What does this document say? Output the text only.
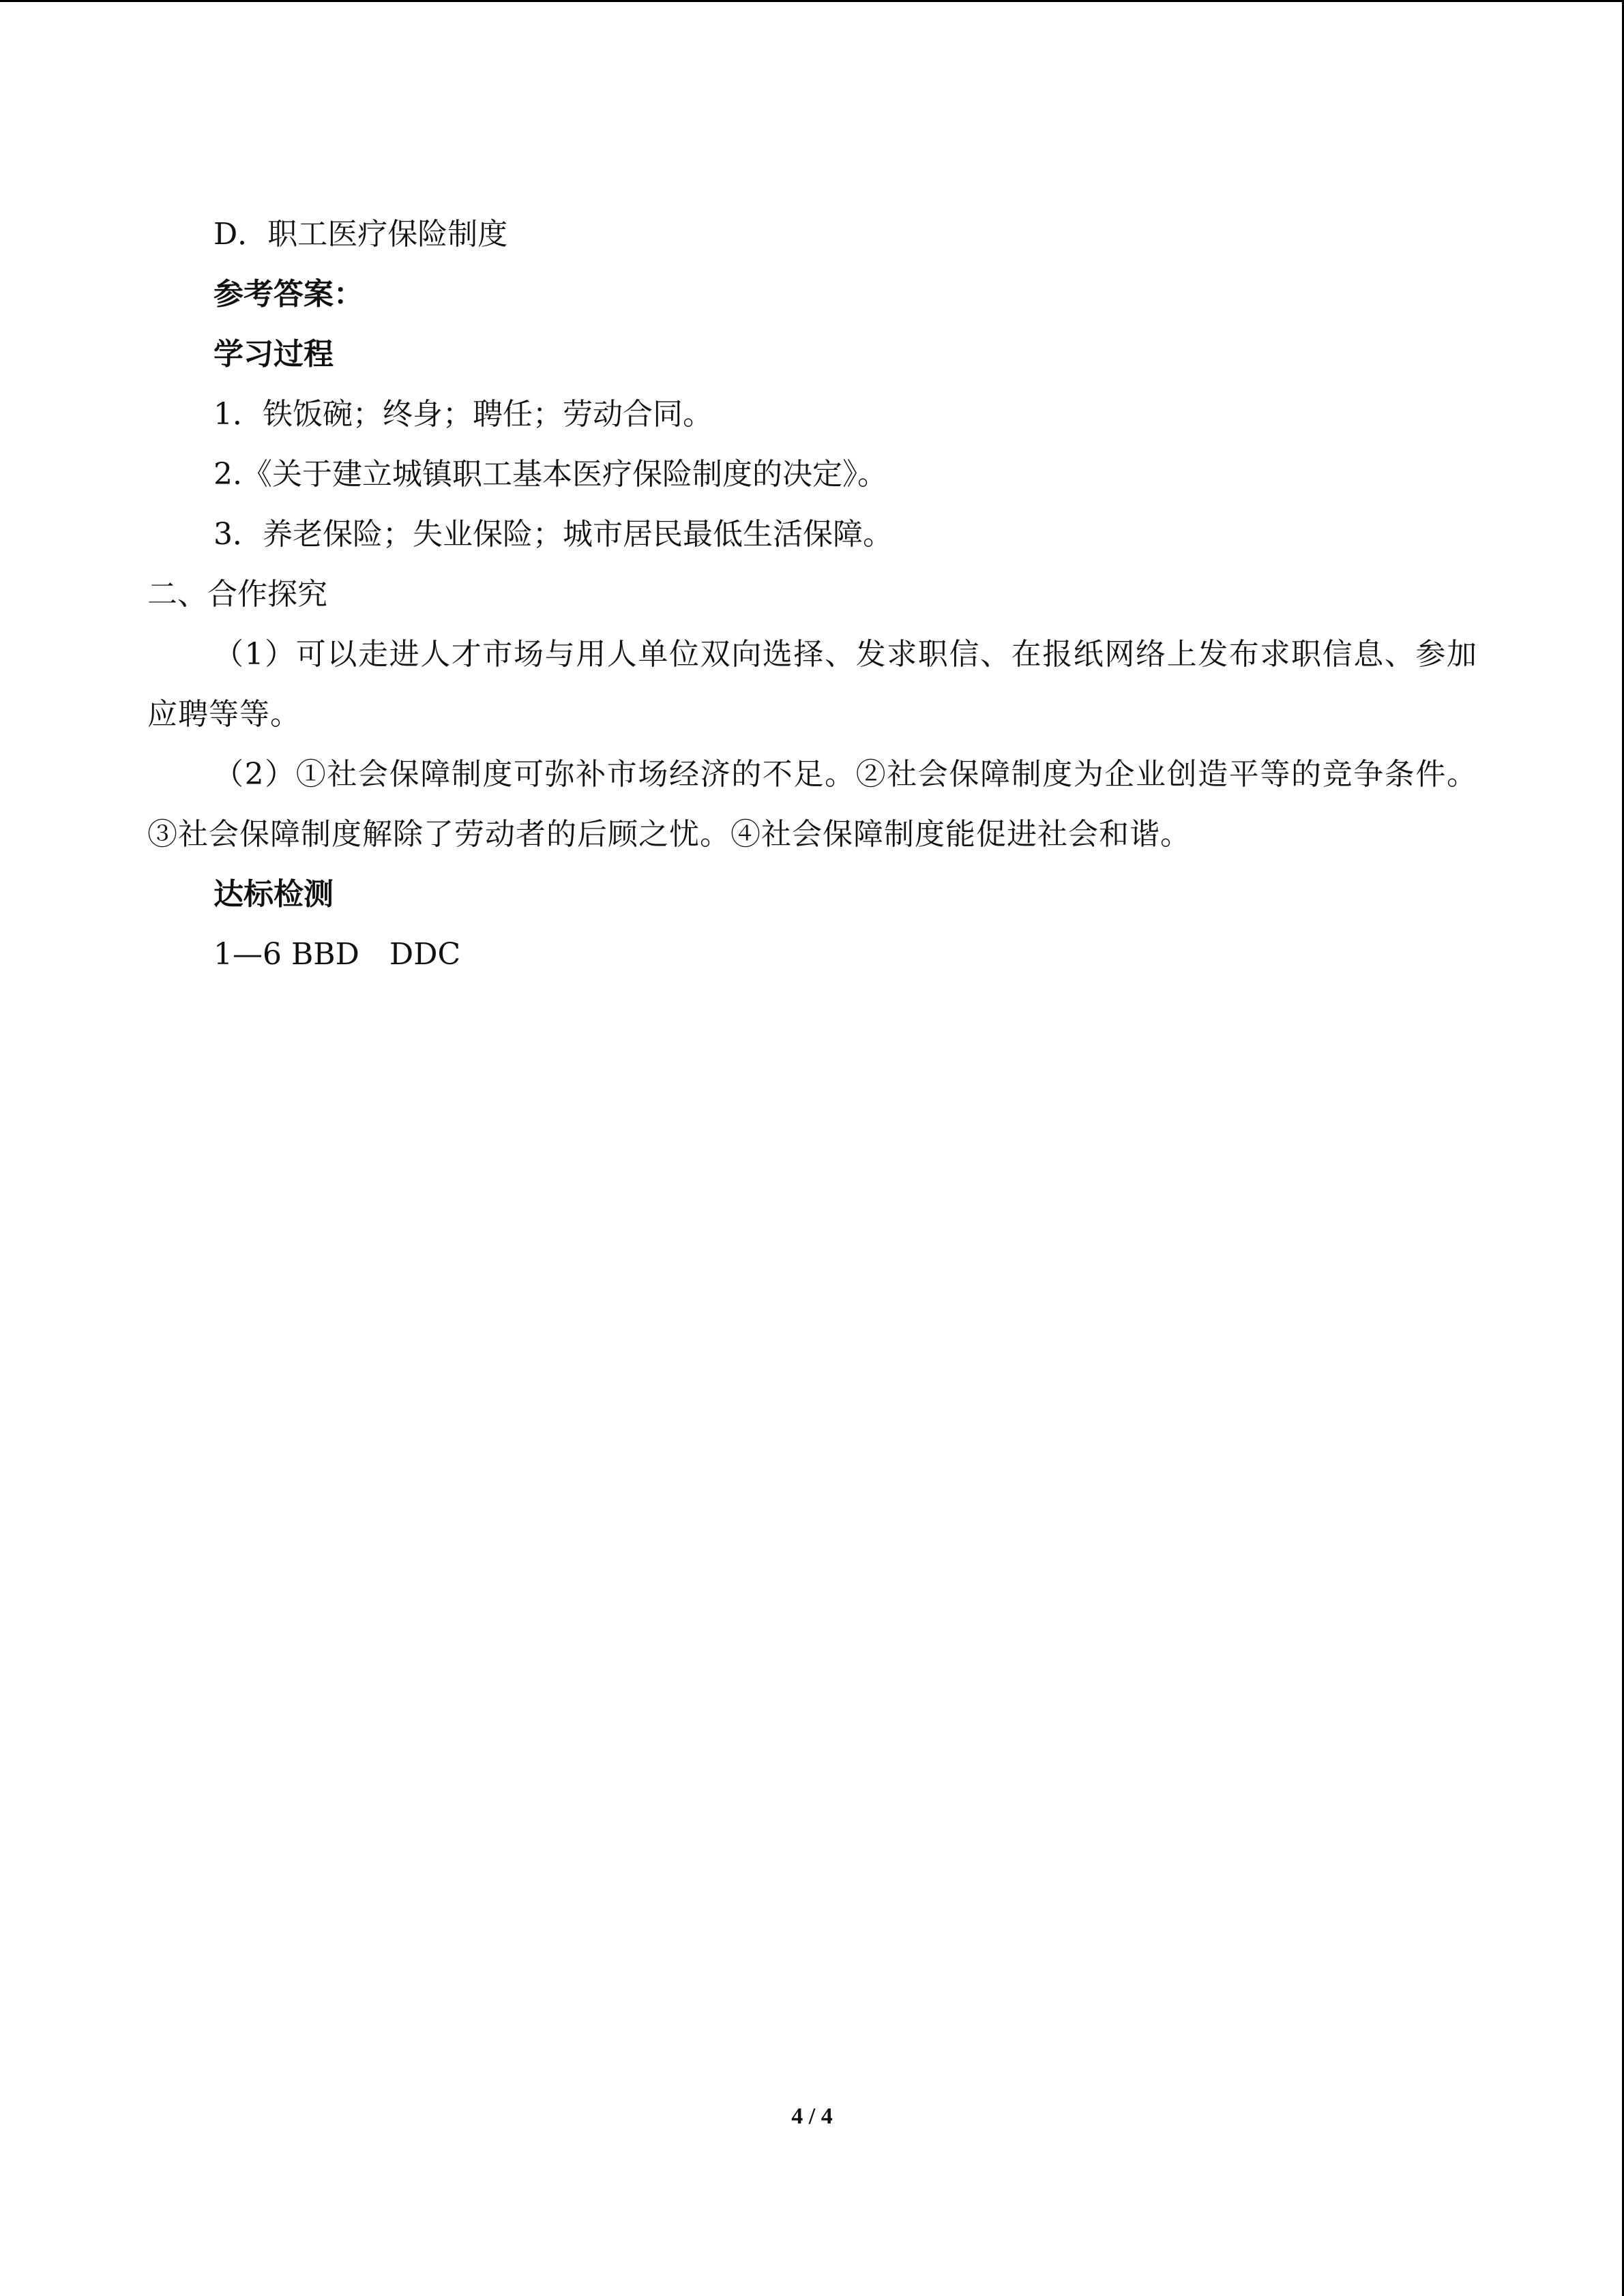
D．职工医疗保险制度
参考答案：
学习过程
1．铁饭碗；终身；聘任；劳动合同。
2.《关于建立城镇职工基本医疗保险制度的决定》。
3．养老保险；失业保险；城市居民最低生活保障。
二、合作探究

（1）可以走进人才市场与用人单位双向选择、发求职信、在报纸网络上发布求职信息、参加应聘等等。

（2）①社会保障制度可弥补市场经济的不足。②社会保障制度为企业创造平等的竞争条件。③社会保障制度解除了劳动者的后顾之忧。④社会保障制度能促进社会和谐。

达标检测
1—6 BBD　DDC
4 / 4
